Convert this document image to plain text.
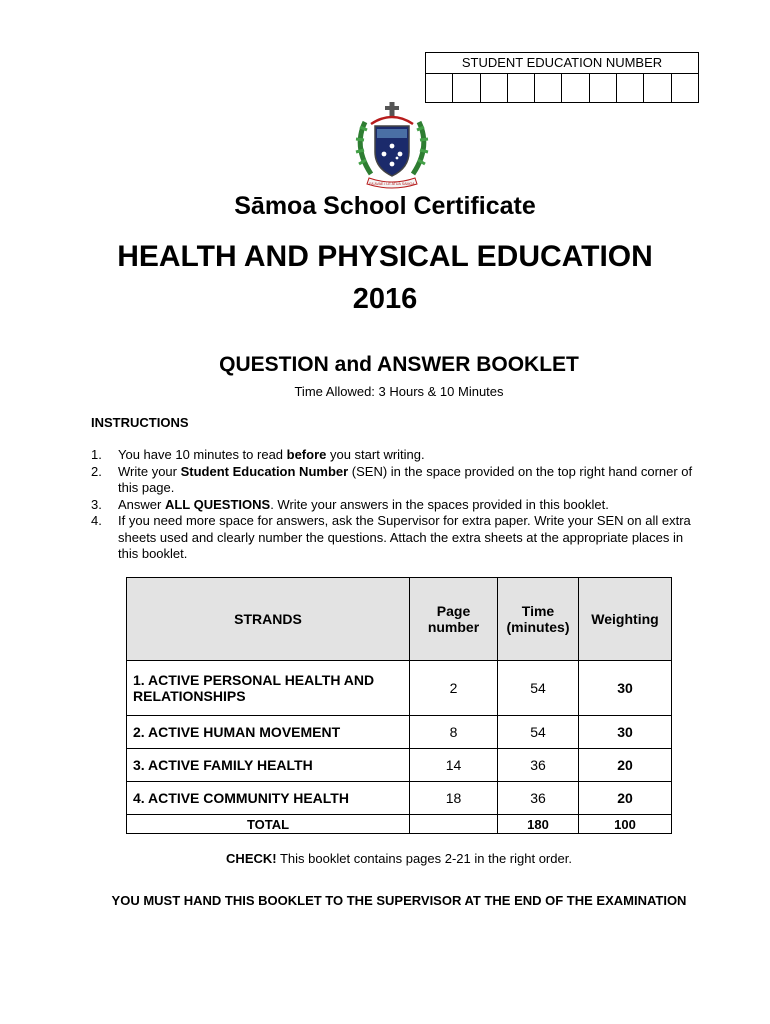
STUDENT EDUCATION NUMBER
FA'AVAE I LE ATUA SAMOA
Sāmoa School Certificate
HEALTH AND PHYSICAL EDUCATION
2016
QUESTION and ANSWER BOOKLET
Time Allowed: 3 Hours & 10 Minutes
INSTRUCTIONS
1.	You have 10 minutes to read before you start writing.
2.	Write your Student Education Number (SEN) in the space provided on the top right hand corner of this page.
3.	Answer ALL QUESTIONS. Write your answers in the spaces provided in this booklet.
4.	If you need more space for answers, ask the Supervisor for extra paper. Write your SEN on all extra sheets used and clearly number the questions. Attach the extra sheets at the appropriate places in this booklet.
STRANDS	Page number	Time (minutes)	Weighting
1. ACTIVE PERSONAL HEALTH AND RELATIONSHIPS	2	54	30
2. ACTIVE HUMAN MOVEMENT	8	54	30
3. ACTIVE FAMILY HEALTH	14	36	20
4. ACTIVE COMMUNITY HEALTH	18	36	20
TOTAL		180	100
CHECK! This booklet contains pages 2-21 in the right order.
YOU MUST HAND THIS BOOKLET TO THE SUPERVISOR AT THE END OF THE EXAMINATION
